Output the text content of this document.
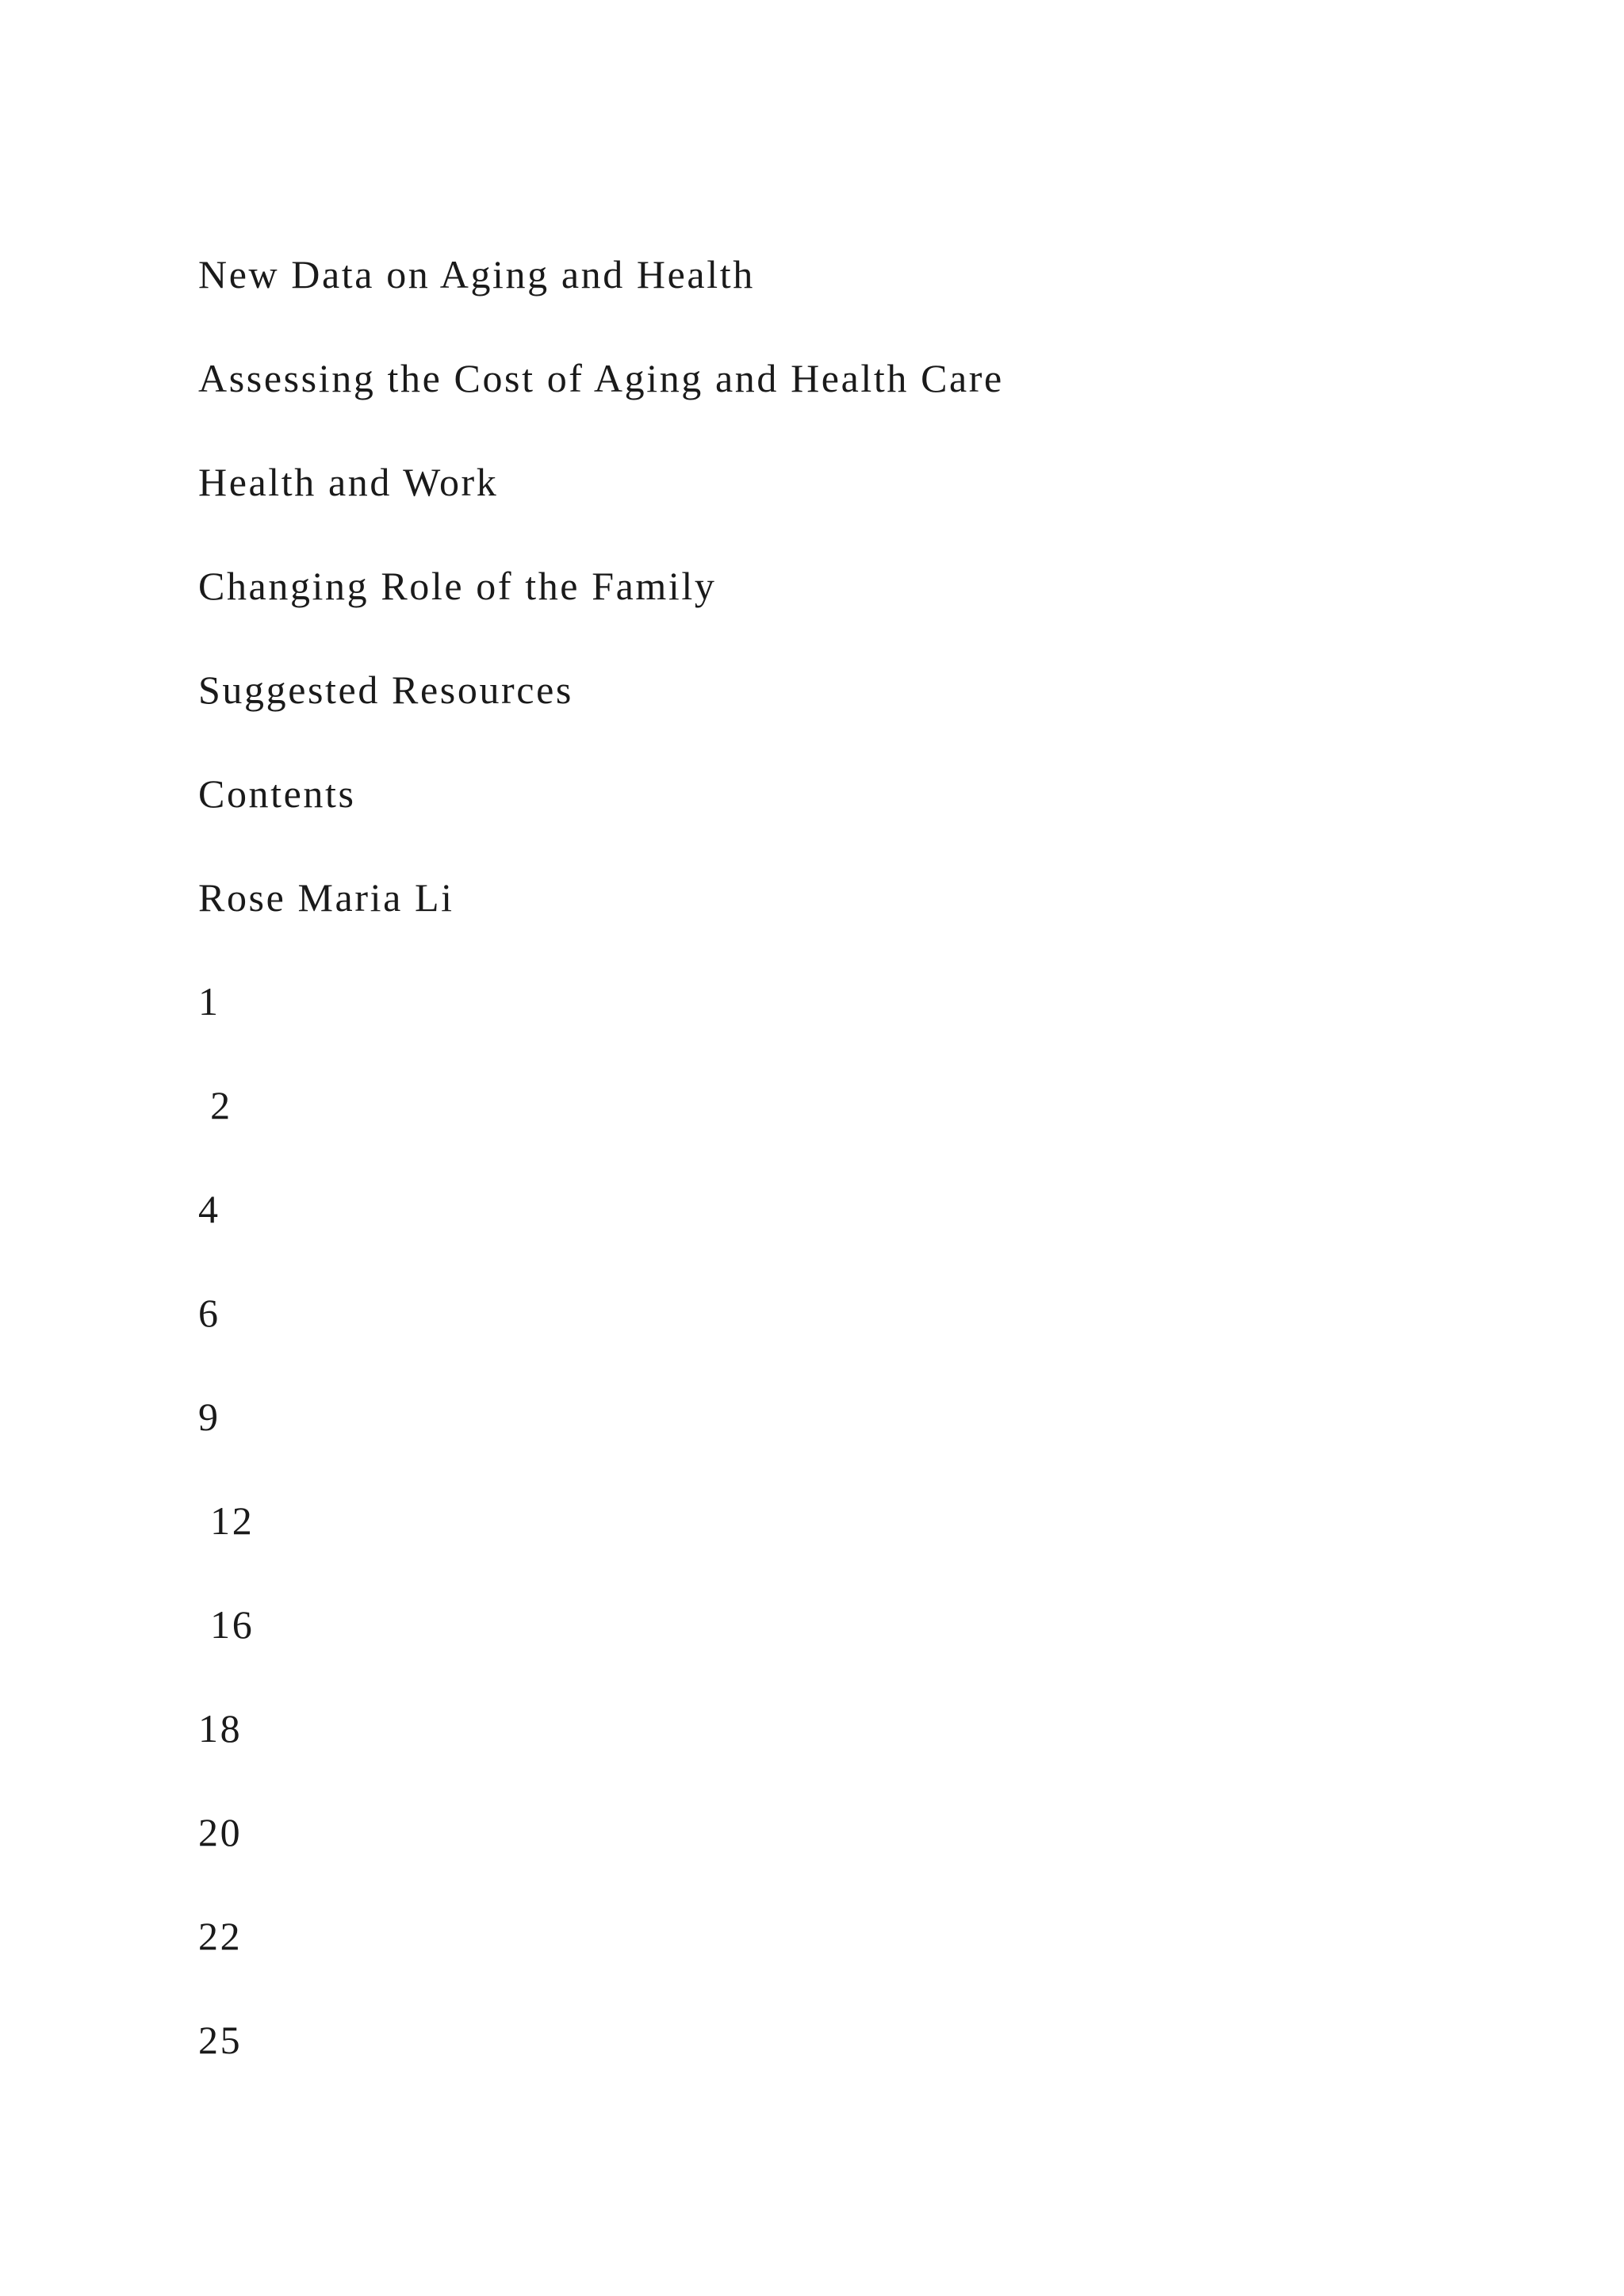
New Data on Aging and Health

Assessing the Cost of Aging and Health Care

Health and Work

Changing Role of the Family

Suggested Resources

Contents

Rose Maria Li

1

2

4

6

9

12

16

18

20

22

25
